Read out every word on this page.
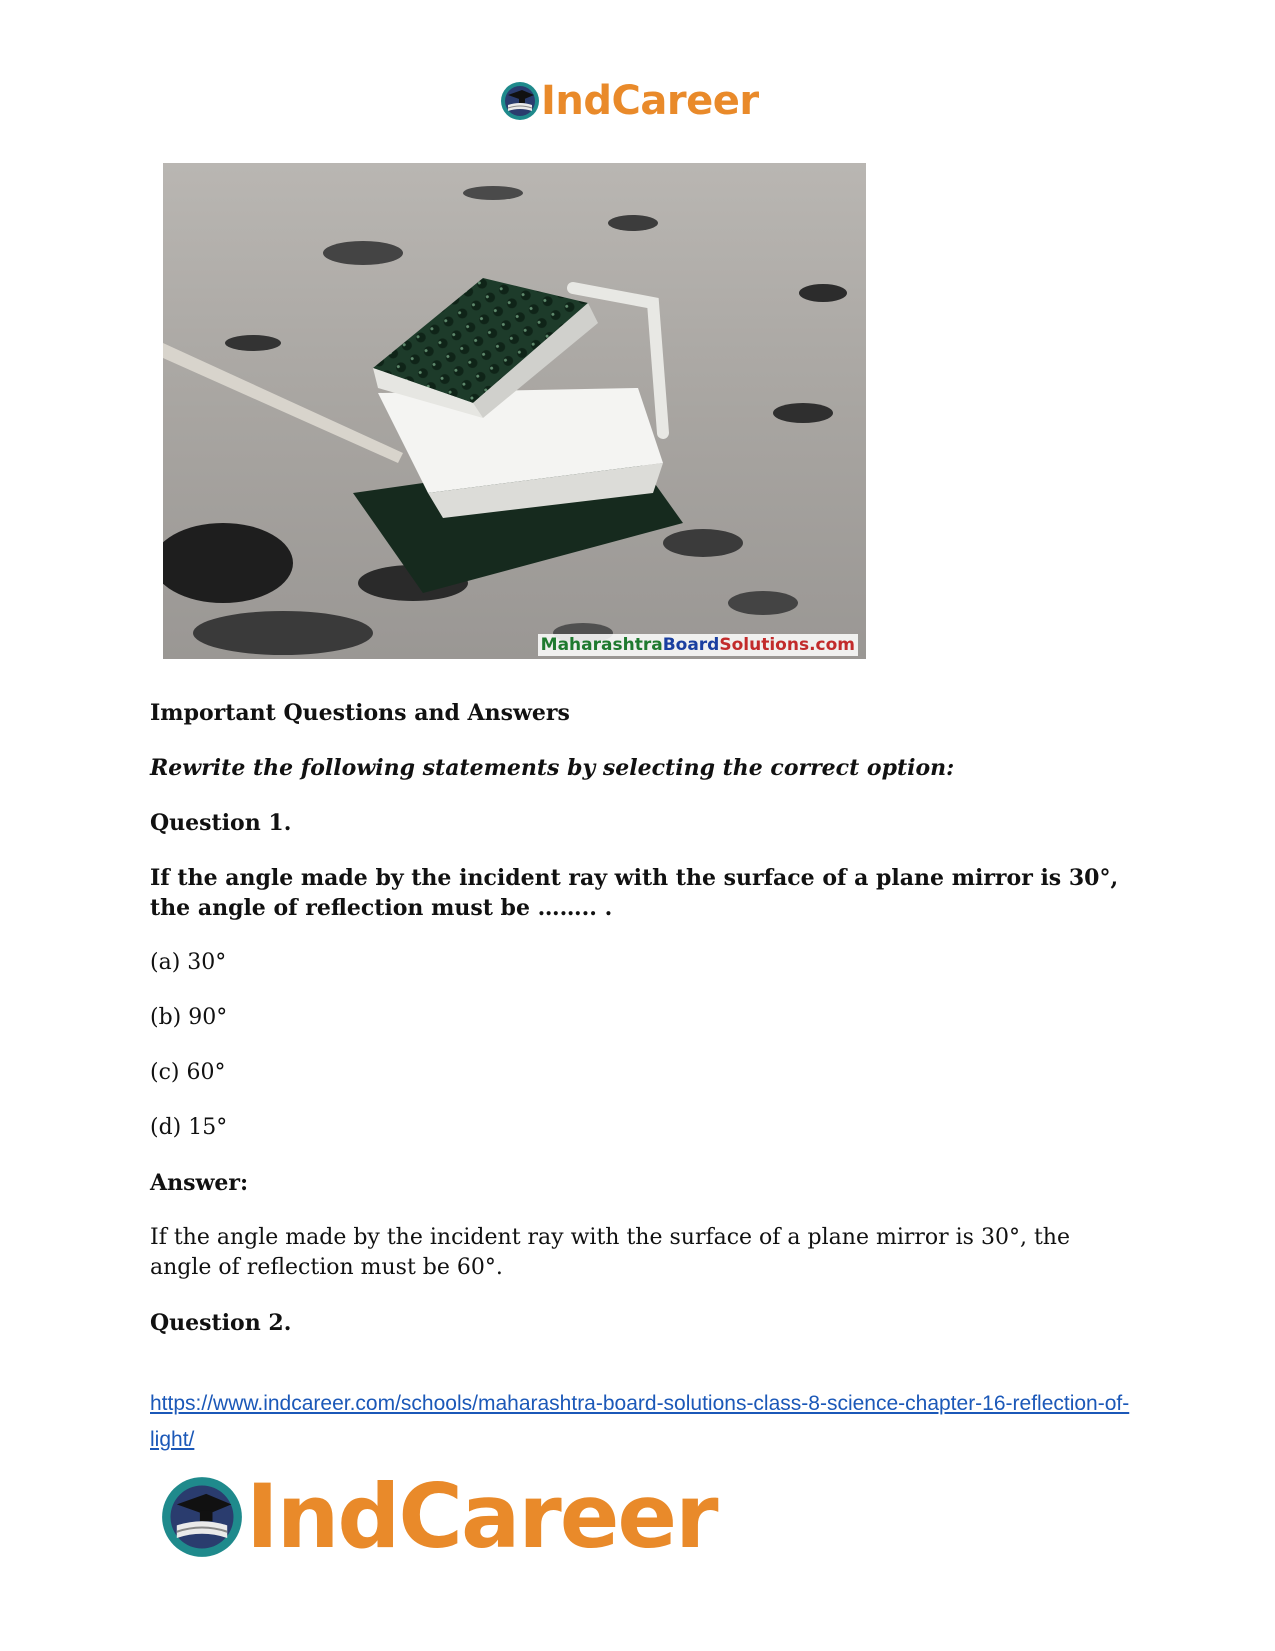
IndCareer
MaharashtraBoardSolutions.com

Important Questions and Answers

Rewrite the following statements by selecting the correct option:

Question 1.

If the angle made by the incident ray with the surface of a plane mirror is 30°, the angle of reflection must be …….. .

(a) 30°

(b) 90°

(c) 60°

(d) 15°

Answer:

If the angle made by the incident ray with the surface of a plane mirror is 30°, the angle of reflection must be 60°.

Question 2.

https://www.indcareer.com/schools/maharashtra-board-solutions-class-8-science-chapter-16-reflection-of-light/
IndCareer
